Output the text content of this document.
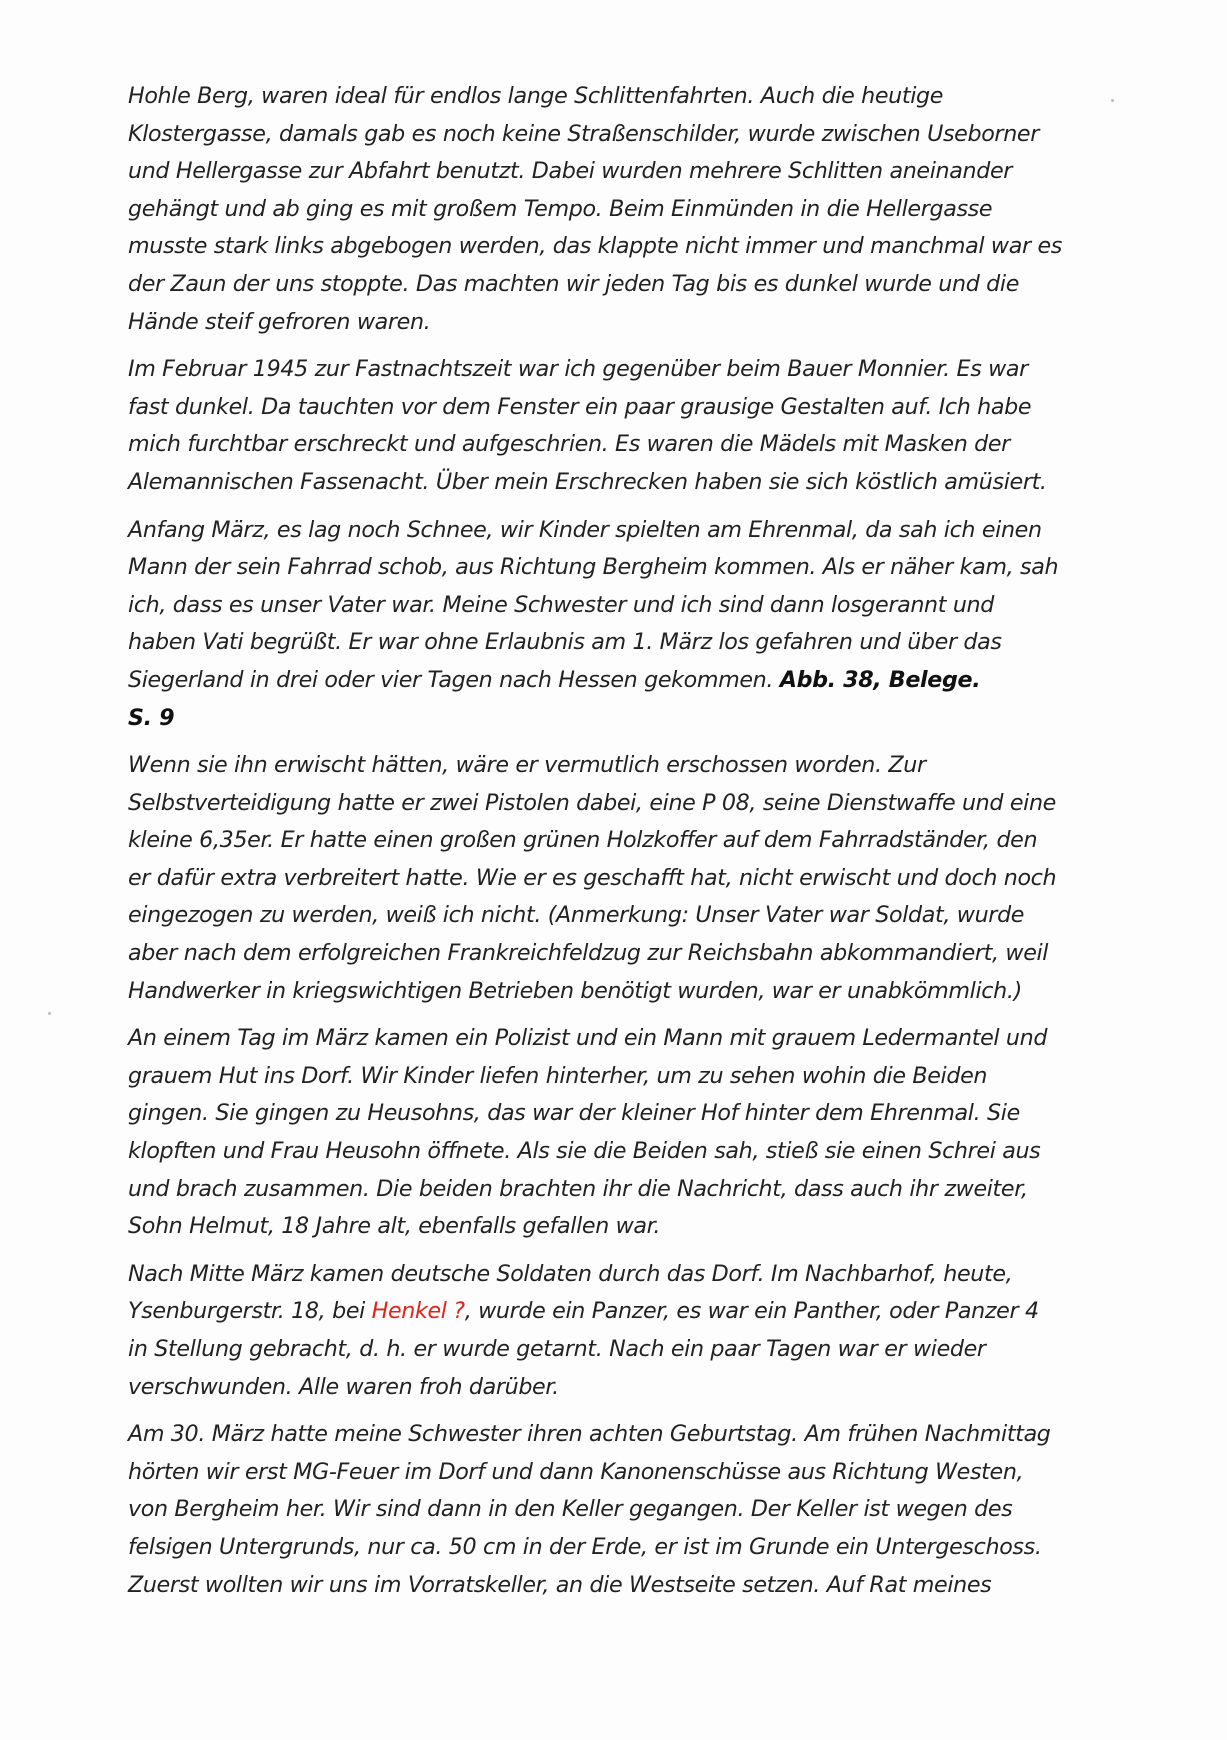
Hohle Berg, waren ideal für endlos lange Schlittenfahrten. Auch die heutige
Klostergasse, damals gab es noch keine Straßenschilder, wurde zwischen Useborner
und Hellergasse zur Abfahrt benutzt. Dabei wurden mehrere Schlitten aneinander
gehängt und ab ging es mit großem Tempo. Beim Einmünden in die Hellergasse
musste stark links abgebogen werden, das klappte nicht immer und manchmal war es
der Zaun der uns stoppte. Das machten wir jeden Tag bis es dunkel wurde und die
Hände steif gefroren waren.
Im Februar 1945 zur Fastnachtszeit war ich gegenüber beim Bauer Monnier. Es war
fast dunkel. Da tauchten vor dem Fenster ein paar grausige Gestalten auf. Ich habe
mich furchtbar erschreckt und aufgeschrien. Es waren die Mädels mit Masken der
Alemannischen Fassenacht. Über mein Erschrecken haben sie sich köstlich amüsiert.
Anfang März, es lag noch Schnee, wir Kinder spielten am Ehrenmal, da sah ich einen
Mann der sein Fahrrad schob, aus Richtung Bergheim kommen. Als er näher kam, sah
ich, dass es unser Vater war. Meine Schwester und ich sind dann losgerannt und
haben Vati begrüßt. Er war ohne Erlaubnis am 1. März los gefahren und über das
Siegerland in drei oder vier Tagen nach Hessen gekommen. Abb. 38, Belege.
S. 9
Wenn sie ihn erwischt hätten, wäre er vermutlich erschossen worden. Zur
Selbstverteidigung hatte er zwei Pistolen dabei, eine P 08, seine Dienstwaffe und eine
kleine 6,35er. Er hatte einen großen grünen Holzkoffer auf dem Fahrradständer, den
er dafür extra verbreitert hatte. Wie er es geschafft hat, nicht erwischt und doch noch
eingezogen zu werden, weiß ich nicht. (Anmerkung: Unser Vater war Soldat, wurde
aber nach dem erfolgreichen Frankreichfeldzug zur Reichsbahn abkommandiert, weil
Handwerker in kriegswichtigen Betrieben benötigt wurden, war er unabkömmlich.)
An einem Tag im März kamen ein Polizist und ein Mann mit grauem Ledermantel und
grauem Hut ins Dorf. Wir Kinder liefen hinterher, um zu sehen wohin die Beiden
gingen. Sie gingen zu Heusohns, das war der kleiner Hof hinter dem Ehrenmal. Sie
klopften und Frau Heusohn öffnete. Als sie die Beiden sah, stieß sie einen Schrei aus
und brach zusammen. Die beiden brachten ihr die Nachricht, dass auch ihr zweiter,
Sohn Helmut, 18 Jahre alt, ebenfalls gefallen war.
Nach Mitte März kamen deutsche Soldaten durch das Dorf. Im Nachbarhof, heute,
Ysenburgerstr. 18, bei Henkel ?, wurde ein Panzer, es war ein Panther, oder Panzer 4
in Stellung gebracht, d. h. er wurde getarnt. Nach ein paar Tagen war er wieder
verschwunden. Alle waren froh darüber.
Am 30. März hatte meine Schwester ihren achten Geburtstag. Am frühen Nachmittag
hörten wir erst MG-Feuer im Dorf und dann Kanonenschüsse aus Richtung Westen,
von Bergheim her. Wir sind dann in den Keller gegangen. Der Keller ist wegen des
felsigen Untergrunds, nur ca. 50 cm in der Erde, er ist im Grunde ein Untergeschoss.
Zuerst wollten wir uns im Vorratskeller, an die Westseite setzen. Auf Rat meines
